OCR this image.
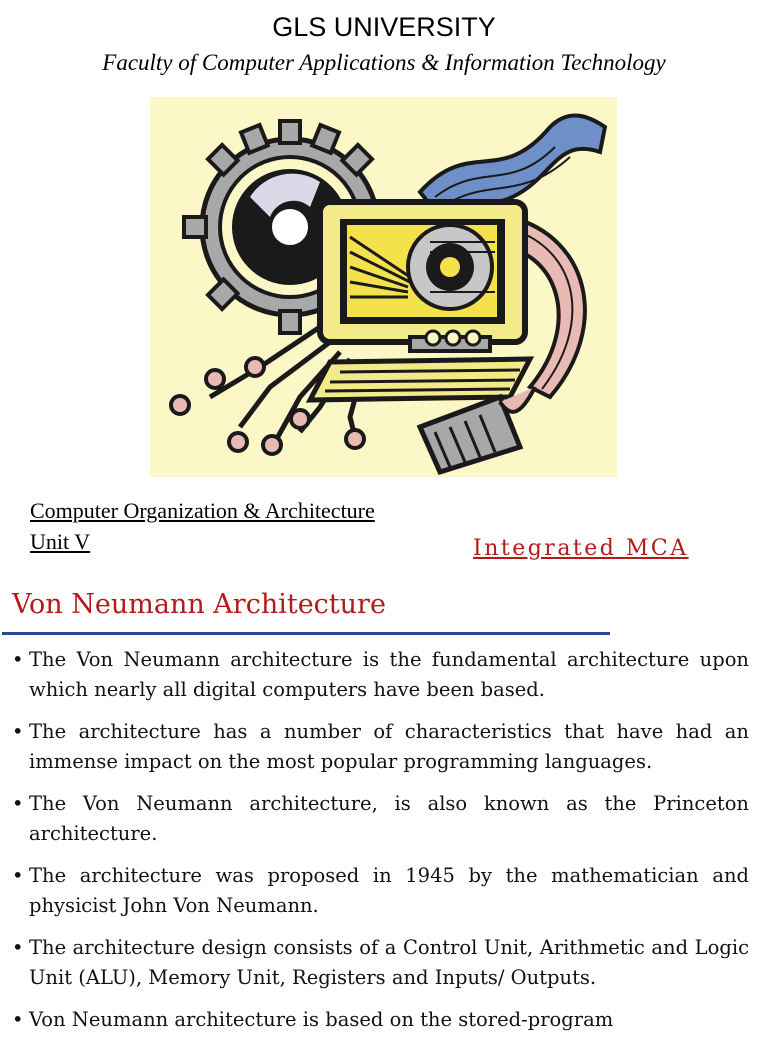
GLS UNIVERSITY
Faculty of Computer Applications & Information Technology
Computer Organization & Architecture
Unit V	Integrated MCA
Von Neumann Architecture
• The Von Neumann architecture is the fundamental architecture upon which nearly all digital computers have been based.
• The architecture has a number of characteristics that have had an immense impact on the most popular programming languages.
• The Von Neumann architecture, is also known as the Princeton architecture.
• The architecture was proposed in 1945 by the mathematician and physicist John Von Neumann.
• The architecture design consists of a Control Unit, Arithmetic and Logic Unit (ALU), Memory Unit, Registers and Inputs/ Outputs.
• Von Neumann architecture is based on the stored-program
